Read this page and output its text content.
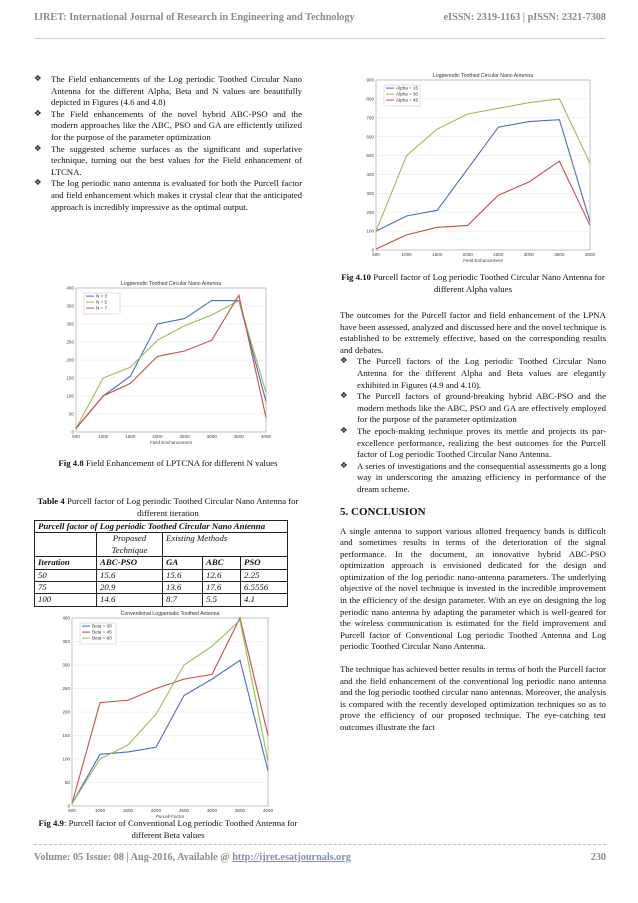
IJRET: International Journal of Research in Engineering and Technology	eISSN: 2319-1163 | pISSN: 2321-7308
❖ The Field enhancements of the Log periodic Toothed Circular Nano Antenna for the different Alpha, Beta and N values are beautifully depicted in Figures (4.6 and 4.8)
❖ The Field enhancements of the novel hybrid ABC-PSO and the modern approaches like the ABC, PSO and GA are efficiently utilized for the purpose of the parameter optimization
❖ The suggested scheme surfaces as the significant and superlative technique, turning out the best values for the Field enhancement of LTCNA.
❖ The log periodic nano antenna is evaluated for both the Purcell factor and field enhancement which makes it crystal clear that the anticipated approach is incredibly impressive as the optimal output.
Logperiodic Toothed Circular Nano Antenna
0
50
100
150
200
250
300
350
400
500	1000	1500	2000	2500	3000	3500	4000
Field Enchancement
N = 3
N = 5
N = 7
Fig 4.8 Field Enhancement of LPTCNA for different N values
Table 4 Purcell factor of Log periodic Toothed Circular Nano Antenna for different iteration
Purcell factor of Log periodic Toothed Circular Nano Antenna				
	Proposed Technique	Existing Methods		
Iteration	ABC-PSO	GA	ABC	PSO
50	15.6	15.6	12.6	2.25
75	20.9	13.6	17.6	6.5556
100	14.6	8.7	5.5	4.1
Conventional Logperiodic Toothed Antenna
0
50
100
150
200
250
300
350
400
500	1000	1500	2000	2500	3000	3500	4000
Purcell Factor
Beta = 30
Beta = 45
Beta = 60
Logperiodic Toothed Circular Nano Antenna
0
100
200
300
400
500
600
700
800
900
500	1000	1600	2000	2500	3000	3500	4000
Field Enhancement
Alpha = 15
Alpha = 30
Alpha = 45
Fig 4.10 Purcell factor of Log periodic Toothed Circular Nano Antenna for different Alpha values
The outcomes for the Purcell factor and field enhancement of the LPNA have been assessed, analyzed and discussed here and the novel technique is established to be extremely effective, based on the corresponding results and debates.
❖ The Purcell factors of the Log periodic Toothed Circular Nano Antenna for the different Alpha and Beta values are elegantly exhibited in Figures (4.9 and 4.10).
❖ The Purcell factors of ground-breaking hybrid ABC-PSO and the modern methods like the ABC, PSO and GA are effectively employed for the purpose of the parameter optimization
❖ The epoch-making technique proves its mettle and projects its par-excellence performance, realizing the best outcomes for the Purcell factor of Log periodic Toothed Circular Nano Antenna.
❖ A series of investigations and the consequential assessments go a long way in underscoring the amazing efficiency in performance of the dream scheme.
5. CONCLUSION
A single antenna to support various allotted frequency bands is difficult and sometimes results in terms of the deterioration of the signal performance. In the document, an innovative hybrid ABC-PSO optimization approach is envisioned dedicated for the design and optimization of the log periodic nano-antenna parameters. The underlying objective of the novel technique is invested in the incredible improvement in the efficiency of the design parameter. With an eye on designing the log periodic nano antenna by adapting the parameter which is well-geared for the wireless communication is estimated for the field improvement and Purcell factor of Conventional Log periodic Toothed Antenna and Log periodic Toothed Circular Nano Antenna.
The technique has achieved better results in terms of both the Purcell factor and the field enhancement of the conventional log periodic nano antenna and the log periodic toothed circular nano antennas. Moreover, the analysis is compared with the recently developed optimization techniques so as to prove the efficiency of our proposed technique. The eye-catching test outcomes illustrate the fact
Fig 4.9: Purcell factor of Conventional Log periodic Toothed Antenna for different Beta values
Volume: 05 Issue: 08 | Aug-2016, Available @ http://ijret.esatjournals.org	230
